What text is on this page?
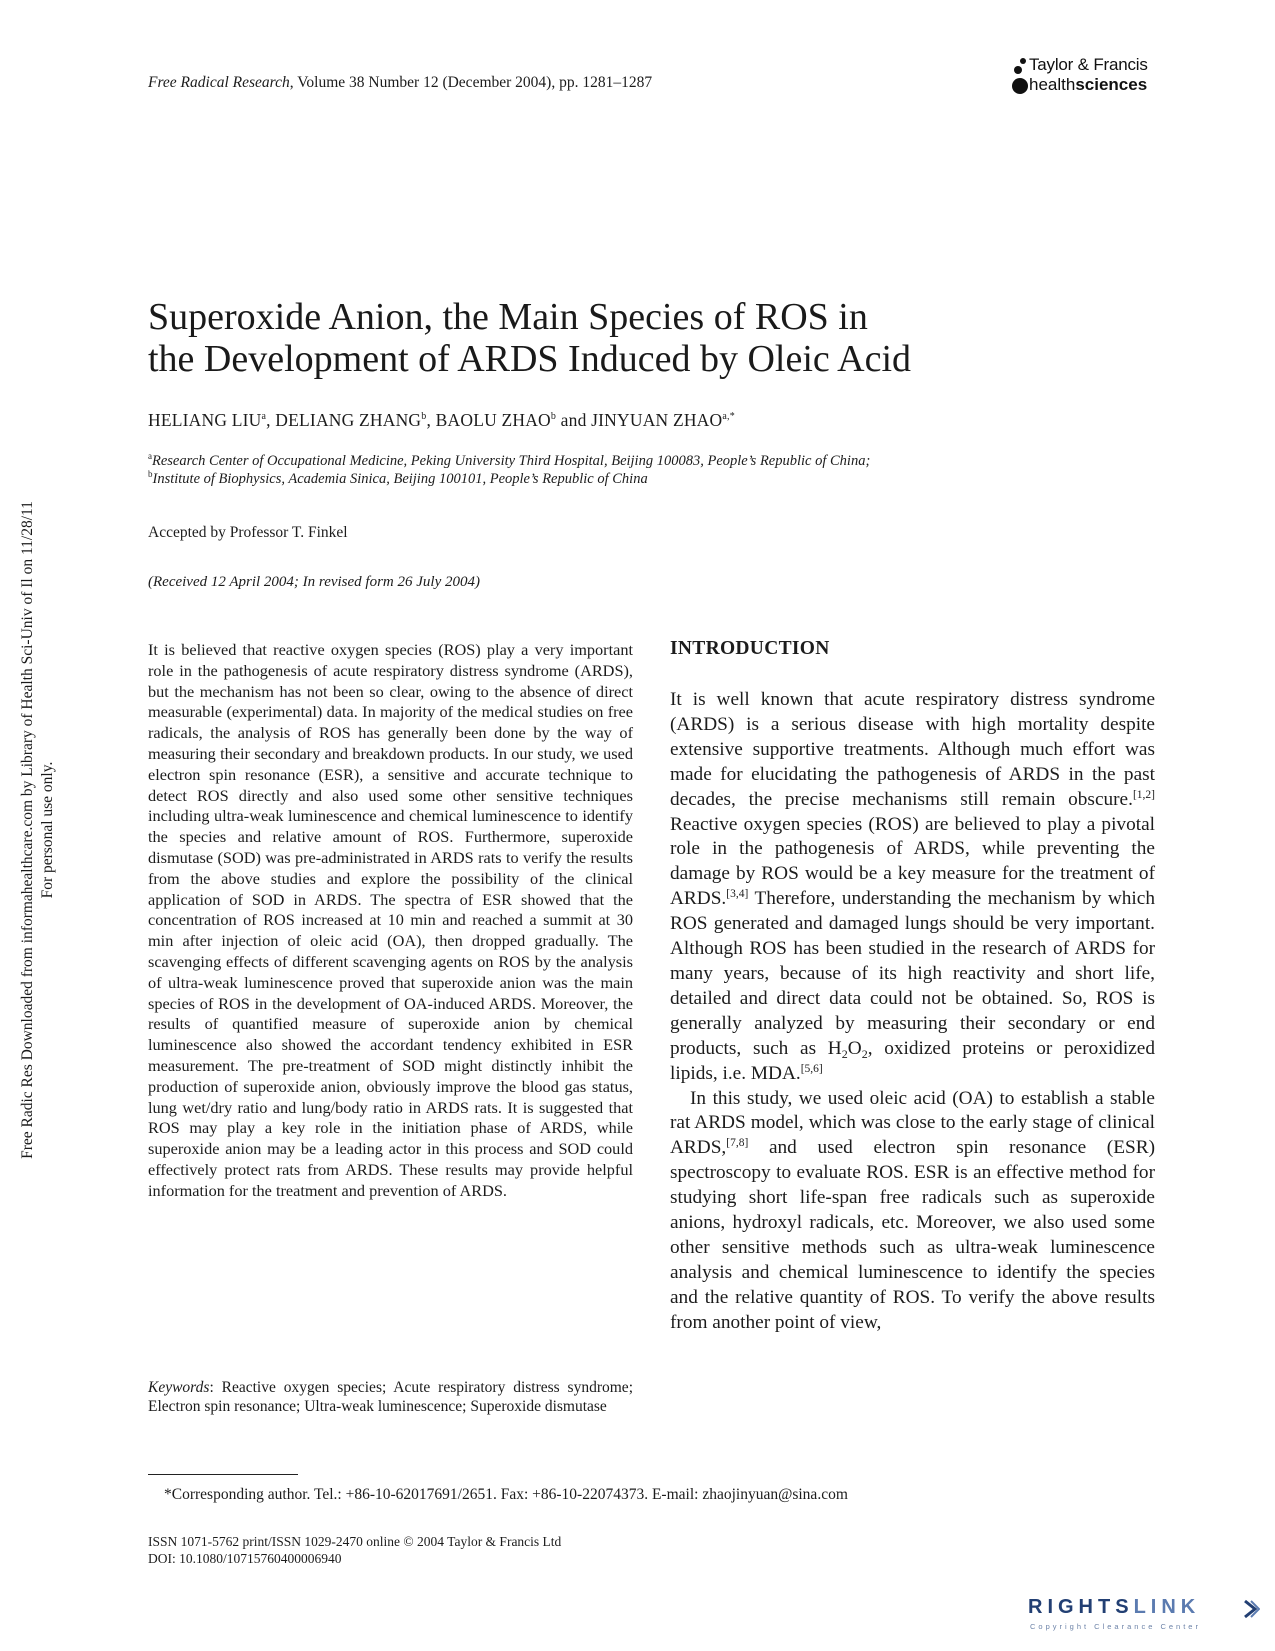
Free Radical Research, Volume 38 Number 12 (December 2004), pp. 1281–1287
Taylor & Francis
healthsciences
Superoxide Anion, the Main Species of ROS in
the Development of ARDS Induced by Oleic Acid
HELIANG LIU$^a$, DELIANG ZHANG$^b$, BAOLU ZHAO$^b$ and JINYUAN $ZHAO^{a,*}$
$^a$Research Center of Occupational Medicine, Peking University Third Hospital, Beijing 100083, People’s Republic of China;
$^b$Institute of Biophysics, Academia Sinica, Beijing 100101, People’s Republic of China
Accepted by Professor T. Finkel
(Received 12 April 2004; In revised form 26 July 2004)
It is believed that reactive oxygen species (ROS) play a very important role in the pathogenesis of acute respiratory distress syndrome (ARDS), but the mechanism has not been so clear, owing to the absence of direct measurable (experimental) data. In majority of the medical studies on free radicals, the analysis of ROS has generally been done by the way of measuring their secondary and breakdown products. In our study, we used electron spin resonance (ESR), a sensitive and accurate technique to detect ROS directly and also used some other sensitive techniques including ultra-weak luminescence and chemical luminescence to identify the species and relative amount of ROS. Furthermore, superoxide dismutase (SOD) was pre-administrated in ARDS rats to verify the results from the above studies and explore the possibility of the clinical application of SOD in ARDS. The spectra of ESR showed that the concentration of ROS increased at 10 min and reached a summit at 30 min after injection of oleic acid (OA), then dropped gradually. The scavenging effects of different scavenging agents on ROS by the analysis of ultra-weak luminescence proved that superoxide anion was the main species of ROS in the development of OA-induced ARDS. Moreover, the results of quantified measure of superoxide anion by chemical luminescence also showed the accordant tendency exhibited in ESR measurement. The pre-treatment of SOD might distinctly inhibit the production of superoxide anion, obviously improve the blood gas status, lung wet/dry ratio and lung/body ratio in ARDS rats. It is suggested that ROS may play a key role in the initiation phase of ARDS, while superoxide anion may be a leading actor in this process and SOD could effectively protect rats from ARDS. These results may provide helpful information for the treatment and prevention of ARDS.
Keywords: Reactive oxygen species; Acute respiratory distress syndrome; Electron spin resonance; Ultra-weak luminescence; Superoxide dismutase
INTRODUCTION

It is well known that acute respiratory distress syndrome (ARDS) is a serious disease with high mortality despite extensive supportive treatments. Although much effort was made for elucidating the pathogenesis of ARDS in the past decades, the precise mechanisms still remain obscure.[1,2] Reactive oxygen species (ROS) are believed to play a pivotal role in the pathogenesis of ARDS, while preventing the damage by ROS would be a key measure for the treatment of ARDS.[3,4] Therefore, understanding the mechanism by which ROS generated and damaged lungs should be very important. Although ROS has been studied in the research of ARDS for many years, because of its high reactivity and short life, detailed and direct data could not be obtained. So, ROS is generally analyzed by measuring their secondary or end products, such as $H_2O_2$, oxidized proteins or peroxidized lipids, i.e. MDA.[5,6]

In this study, we used oleic acid (OA) to establish a stable rat ARDS model, which was close to the early stage of clinical ARDS,[7,8] and used electron spin resonance (ESR) spectroscopy to evaluate ROS. ESR is an effective method for studying short life-span free radicals such as superoxide anions, hydroxyl radicals, etc. Moreover, we also used some other sensitive methods such as ultra-weak luminescence analysis and chemical luminescence to identify the species and the relative quantity of ROS. To verify the above results from another point of view,

*Corresponding author. Tel.: +86-10-62017691/2651. Fax: +86-10-22074373. E-mail: zhaojinyuan@sina.com
ISSN 1071-5762 print/ISSN 1029-2470 online © 2004 Taylor & Francis Ltd
DOI: 10.1080/10715760400006940
Free Radic Res Downloaded from informahealthcare.com by Library of Health Sci-Univ of Il on 11/28/11 For personal use only.
RIGHTSLINK
Copyright Clearance Center
